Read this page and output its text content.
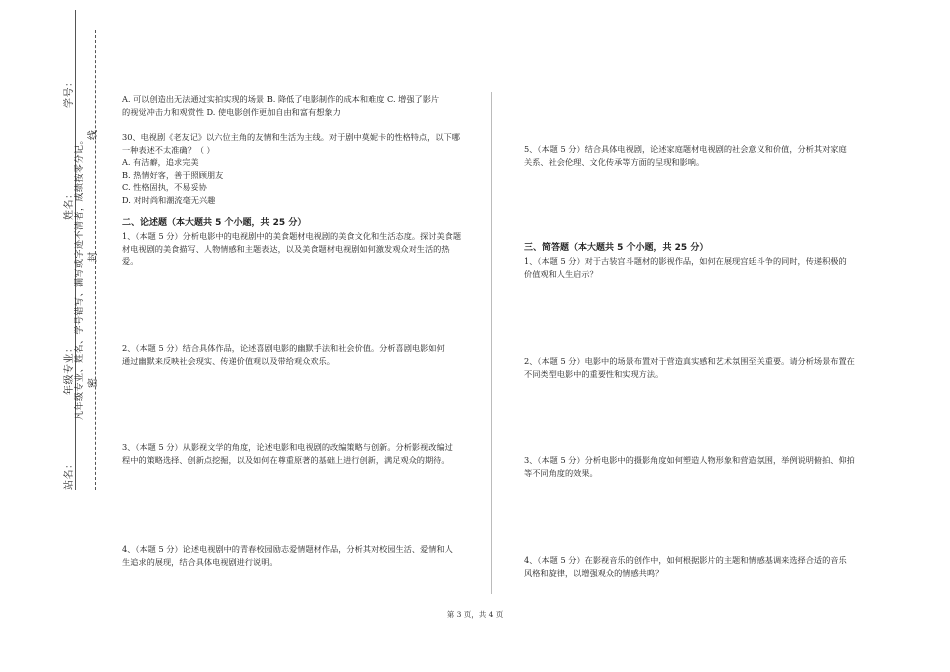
学号：
姓名：
年级专业：
站名：
线
封
密
凡年级专业、姓名、学号错写、漏写或字迹不清者，成绩按零分记。

A. 可以创造出无法通过实拍实现的场景 B. 降低了电影制作的成本和难度 C. 增强了影片

的视觉冲击力和观赏性 D. 使电影创作更加自由和富有想象力

30、电视剧《老友记》以六位主角的友情和生活为主线。对于剧中莫妮卡的性格特点，以下哪

一种表述不太准确？（ ）

A. 有洁癖，追求完美

B. 热情好客，善于照顾朋友

C. 性格固执，不易妥协

D. 对时尚和潮流毫无兴趣

二、论述题（本大题共 5 个小题，共 25 分）

1、（本题 5 分）分析电影中的电视剧中的美食题材电视剧的美食文化和生活态度。探讨美食题

材电视剧的美食描写、人物情感和主题表达，以及美食题材电视剧如何激发观众对生活的热

爱。

2、（本题 5 分）结合具体作品，论述喜剧电影的幽默手法和社会价值。分析喜剧电影如何

通过幽默来反映社会现实、传递价值观以及带给观众欢乐。

3、（本题 5 分）从影视文学的角度，论述电影和电视剧的改编策略与创新。分析影视改编过

程中的策略选择、创新点挖掘，以及如何在尊重原著的基础上进行创新，满足观众的期待。

4、（本题 5 分）论述电视剧中的青春校园励志爱情题材作品，分析其对校园生活、爱情和人

生追求的展现，结合具体电视剧进行说明。

5、（本题 5 分）结合具体电视剧，论述家庭题材电视剧的社会意义和价值，分析其对家庭

关系、社会伦理、文化传承等方面的呈现和影响。

三、简答题（本大题共 5 个小题，共 25 分）

1、（本题 5 分）对于古装宫斗题材的影视作品，如何在展现宫廷斗争的同时，传递积极的

价值观和人生启示？

2、（本题 5 分）电影中的场景布置对于营造真实感和艺术氛围至关重要。请分析场景布置在

不同类型电影中的重要性和实现方法。

3、（本题 5 分）分析电影中的摄影角度如何塑造人物形象和营造氛围，举例说明俯拍、仰拍

等不同角度的效果。

4、（本题 5 分）在影视音乐的创作中，如何根据影片的主题和情感基调来选择合适的音乐

风格和旋律，以增强观众的情感共鸣？

第 3 页，共 4 页
